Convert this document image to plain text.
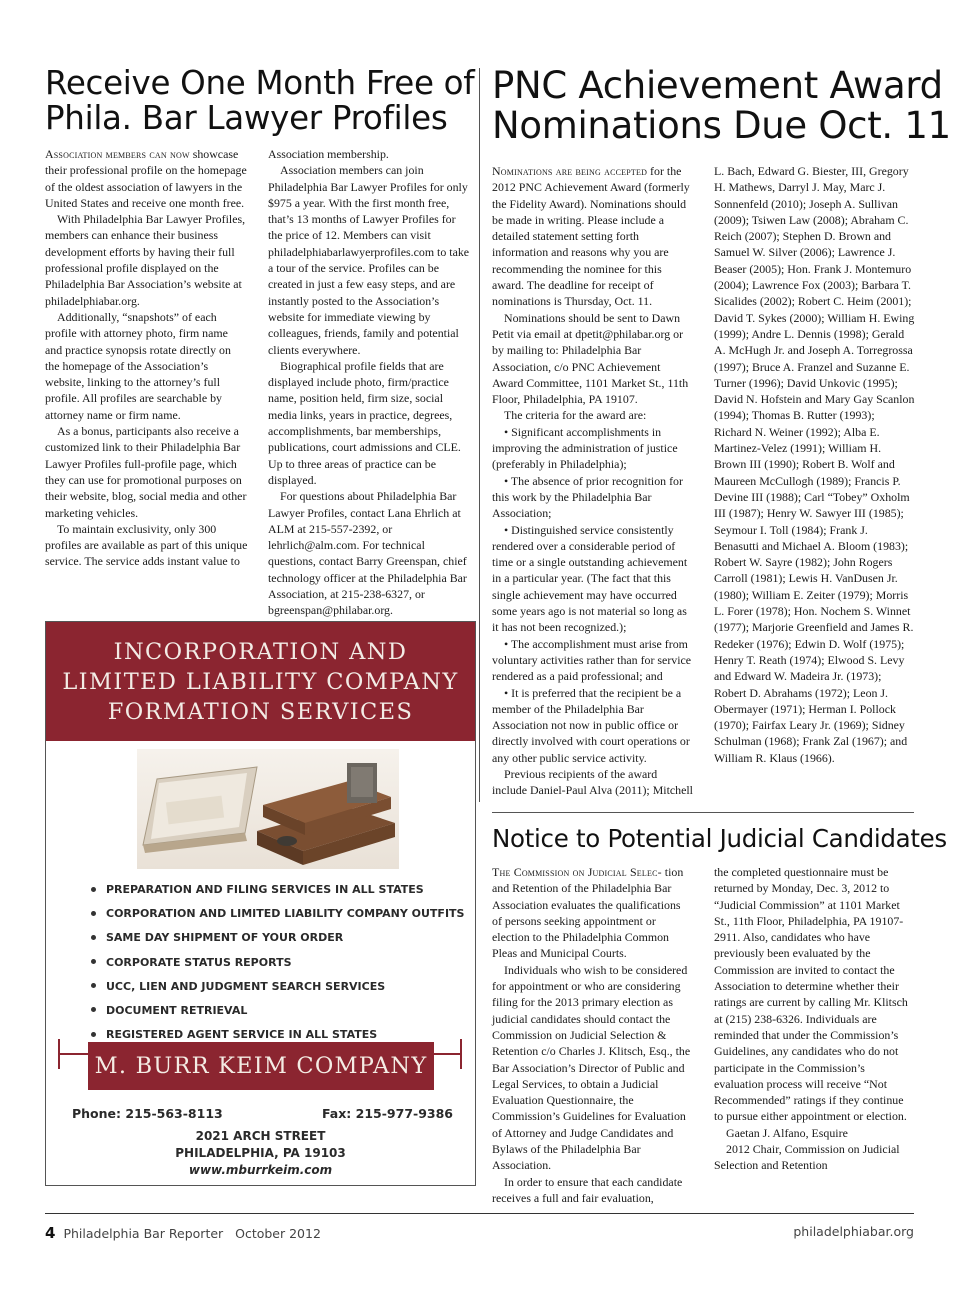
Receive One Month Free of
Phila. Bar Lawyer Profiles

Association members can now showcase their professional profile on the homepage of the oldest association of lawyers in the United States and receive one month free.

With Philadelphia Bar Lawyer Profiles, members can enhance their business development efforts by having their full professional profile displayed on the Philadelphia Bar Association’s website at philadelphiabar.org.

Additionally, “snapshots” of each profile with attorney photo, firm name and practice synopsis rotate directly on the homepage of the Association’s website, linking to the attorney’s full profile. All profiles are searchable by attorney name or firm name.

As a bonus, participants also receive a customized link to their Philadelphia Bar Lawyer Profiles full-profile page, which they can use for promotional purposes on their website, blog, social media and other marketing vehicles.

To maintain exclusivity, only 300 profiles are available as part of this unique service. The service adds instant value to

Association membership.

Association members can join Philadelphia Bar Lawyer Profiles for only $975 a year. With the first month free, that’s 13 months of Lawyer Profiles for the price of 12. Members can visit philadelphiabarlawyerprofiles.com to take a tour of the service. Profiles can be created in just a few easy steps, and are instantly posted to the Association’s website for immediate viewing by colleagues, friends, family and potential clients everywhere.

Biographical profile fields that are displayed include photo, firm/practice name, position held, firm size, social media links, years in practice, degrees, accomplishments, bar memberships, publications, court admissions and CLE. Up to three areas of practice can be displayed.

For questions about Philadelphia Bar Lawyer Profiles, contact Lana Ehrlich at ALM at 215-557-2392, or lehrlich@alm.com. For technical questions, contact Barry Greenspan, chief technology officer at the Philadelphia Bar Association, at 215-238-6327, or bgreenspan@philabar.org.

PNC Achievement Award
Nominations Due Oct. 11

Nominations are being accepted for the 2012 PNC Achievement Award (formerly the Fidelity Award). Nominations should be made in writing. Please include a detailed statement setting forth information and reasons why you are recommending the nominee for this award. The deadline for receipt of nominations is Thursday, Oct. 11.

Nominations should be sent to Dawn Petit via email at dpetit@philabar.org or by mailing to: Philadelphia Bar Association, c/o PNC Achievement Award Committee, 1101 Market St., 11th Floor, Philadelphia, PA 19107.

The criteria for the award are:

• Significant accomplishments in improving the administration of justice (preferably in Philadelphia);

• The absence of prior recognition for this work by the Philadelphia Bar Association;

• Distinguished service consistently rendered over a considerable period of time or a single outstanding achievement in a particular year. (The fact that this single achievement may have occurred some years ago is not material so long as it has not been recognized.);

• The accomplishment must arise from voluntary activities rather than for service rendered as a paid professional; and

• It is preferred that the recipient be a member of the Philadelphia Bar Association not now in public office or directly involved with court operations or any other public service activity.

Previous recipients of the award include Daniel-Paul Alva (2011); Mitchell

L. Bach, Edward G. Biester, III, Gregory H. Mathews, Darryl J. May, Marc J. Sonnenfeld (2010); Joseph A. Sullivan (2009); Tsiwen Law (2008); Abraham C. Reich (2007); Stephen D. Brown and Samuel W. Silver (2006); Lawrence J. Beaser (2005); Hon. Frank J. Montemuro (2004); Lawrence Fox (2003); Barbara T. Sicalides (2002); Robert C. Heim (2001); David T. Sykes (2000); William H. Ewing (1999); Andre L. Dennis (1998); Gerald A. McHugh Jr. and Joseph A. Torregrossa (1997); Bruce A. Franzel and Suzanne E. Turner (1996); David Unkovic (1995); David N. Hofstein and Mary Gay Scanlon (1994); Thomas B. Rutter (1993); Richard N. Weiner (1992); Alba E. Martinez-Velez (1991); William H. Brown III (1990); Robert B. Wolf and Maureen McCullogh (1989); Francis P. Devine III (1988); Carl “Tobey” Oxholm III (1987); Henry W. Sawyer III (1985); Seymour I. Toll (1984); Frank J. Benasutti and Michael A. Bloom (1983); Robert W. Sayre (1982); John Rogers Carroll (1981); Lewis H. VanDusen Jr. (1980); William E. Zeiter (1979); Morris L. Forer (1978); Hon. Nochem S. Winnet (1977); Marjorie Greenfield and James R. Redeker (1976); Edwin D. Wolf (1975); Henry T. Reath (1974); Elwood S. Levy and Edward W. Madeira Jr. (1973); Robert D. Abrahams (1972); Leon J. Obermayer (1971); Herman I. Pollock (1970); Fairfax Leary Jr. (1969); Sidney Schulman (1968); Frank Zal (1967); and William R. Klaus (1966).

Notice to Potential Judicial Candidates

The Commission on Judicial Selec- tion and Retention of the Philadelphia Bar Association evaluates the qualifications of persons seeking appointment or election to the Philadelphia Common Pleas and Municipal Courts.

Individuals who wish to be considered for appointment or who are considering filing for the 2013 primary election as judicial candidates should contact the Commission on Judicial Selection & Retention c/o Charles J. Klitsch, Esq., the Bar Association’s Director of Public and Legal Services, to obtain a Judicial Evaluation Questionnaire, the Commission’s Guidelines for Evaluation of Attorney and Judge Candidates and Bylaws of the Philadelphia Bar Association.

In order to ensure that each candidate receives a full and fair evaluation,

the completed questionnaire must be returned by Monday, Dec. 3, 2012 to “Judicial Commission” at 1101 Market St., 11th Floor, Philadelphia, PA 19107-2911. Also, candidates who have previously been evaluated by the Commission are invited to contact the Association to determine whether their ratings are current by calling Mr. Klitsch at (215) 238-6326. Individuals are reminded that under the Commission’s Guidelines, any candidates who do not participate in the Commission’s evaluation process will receive “Not Recommended” ratings if they continue to pursue either appointment or election.

Gaetan J. Alfano, Esquire

2012 Chair, Commission on Judicial Selection and Retention

INCORPORATION AND
LIMITED LIABILITY COMPANY
FORMATION SERVICES
PREPARATION AND FILING SERVICES IN ALL STATES
CORPORATION AND LIMITED LIABILITY COMPANY OUTFITS
SAME DAY SHIPMENT OF YOUR ORDER
CORPORATE STATUS REPORTS
UCC, LIEN AND JUDGMENT SEARCH SERVICES
DOCUMENT RETRIEVAL
REGISTERED AGENT SERVICE IN ALL STATES
M. BURR KEIM COMPANY
Phone: 215-563-8113	Fax: 215-977-9386
2021 ARCH STREET
PHILADELPHIA, PA 19103
www.mburrkeim.com
4 Philadelphia Bar Reporter October 2012	philadelphiabar.org
